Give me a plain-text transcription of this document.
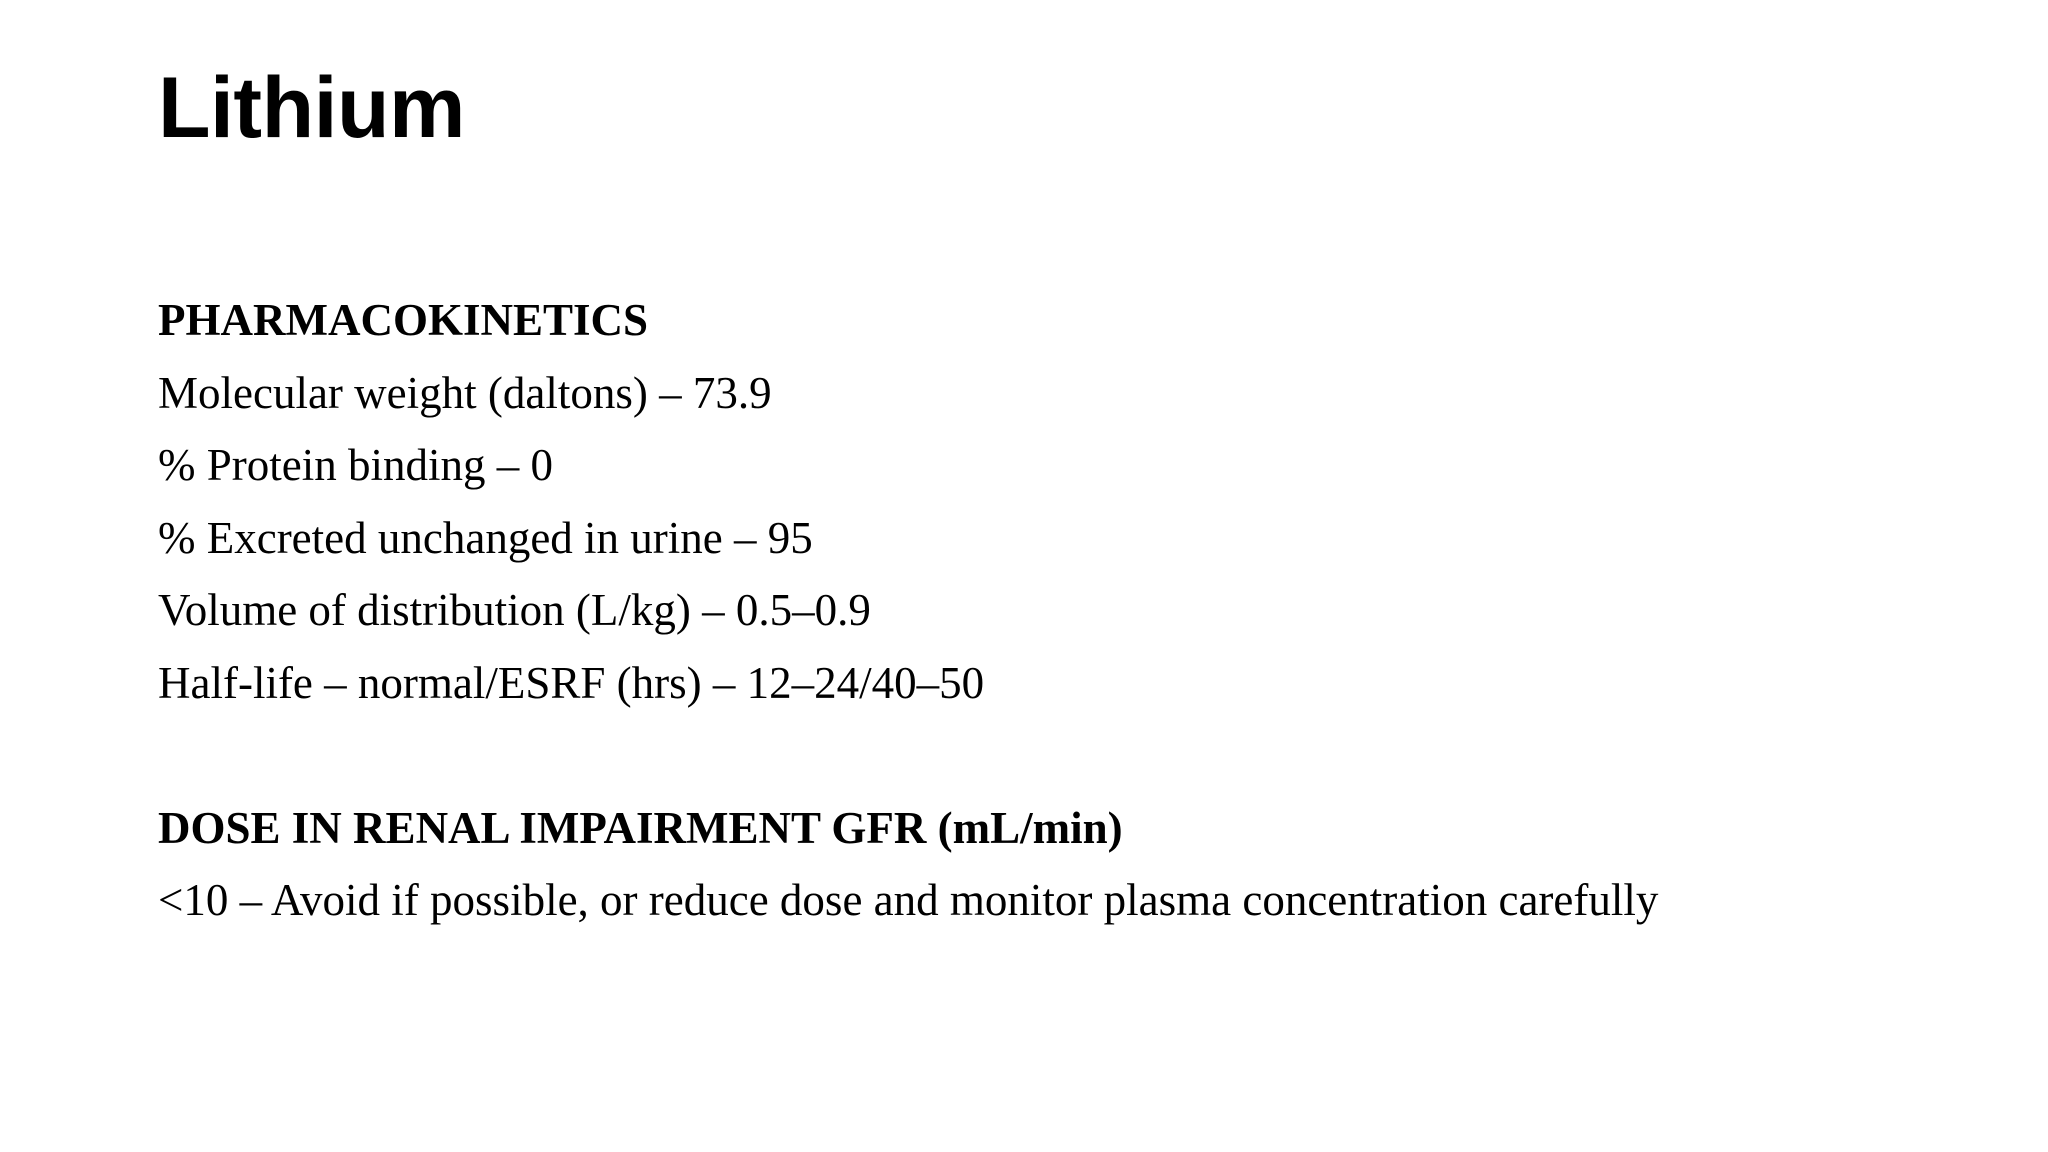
Lithium
PHARMACOKINETICS
Molecular weight (daltons) – 73.9
% Protein binding – 0
% Excreted unchanged in urine – 95
Volume of distribution (L/kg) – 0.5–0.9
Half-life – normal/ESRF (hrs) – 12–24/40–50
DOSE IN RENAL IMPAIRMENT GFR (mL/min)
<10 – Avoid if possible, or reduce dose and monitor plasma concentration carefully
